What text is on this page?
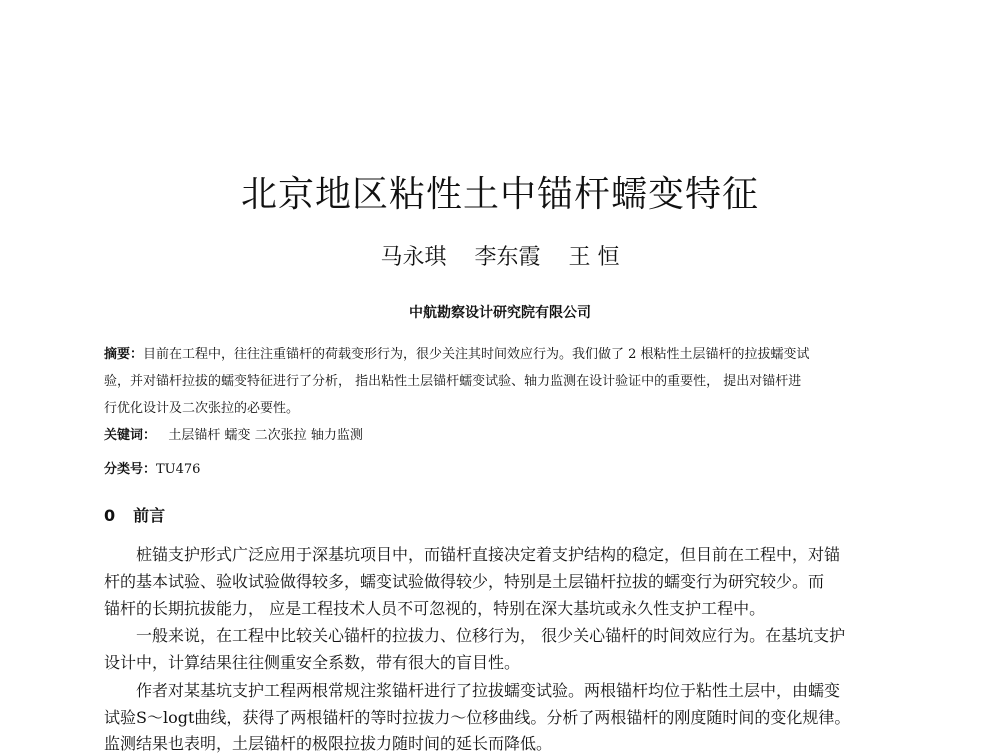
北京地区粘性土中锚杆蠕变特征
马永琪 李东霞 王 恒
中航勘察设计研究院有限公司
摘要：目前在工程中，往往注重锚杆的荷载变形行为，很少关注其时间效应行为。我们做了 2 根粘性土层锚杆的拉拔蠕变试
验，并对锚杆拉拔的蠕变特征进行了分析， 指出粘性土层锚杆蠕变试验、轴力监测在设计验证中的重要性， 提出对锚杆进
行优化设计及二次张拉的必要性。
关键词： 土层锚杆 蠕变 二次张拉 轴力监测
分类号：TU476
0 前言
　　桩锚支护形式广泛应用于深基坑项目中，而锚杆直接决定着支护结构的稳定，但目前在工程中，对锚
杆的基本试验、验收试验做得较多，蠕变试验做得较少，特别是土层锚杆拉拔的蠕变行为研究较少。而
锚杆的长期抗拔能力， 应是工程技术人员不可忽视的，特别在深大基坑或永久性支护工程中。
　　一般来说，在工程中比较关心锚杆的拉拔力、位移行为， 很少关心锚杆的时间效应行为。在基坑支护
设计中，计算结果往往侧重安全系数，带有很大的盲目性。
　　作者对某基坑支护工程两根常规注浆锚杆进行了拉拔蠕变试验。两根锚杆均位于粘性土层中，由蠕变
试验S～logt曲线，获得了两根锚杆的等时拉拔力～位移曲线。分析了两根锚杆的刚度随时间的变化规律。
监测结果也表明，土层锚杆的极限拉拔力随时间的延长而降低。
